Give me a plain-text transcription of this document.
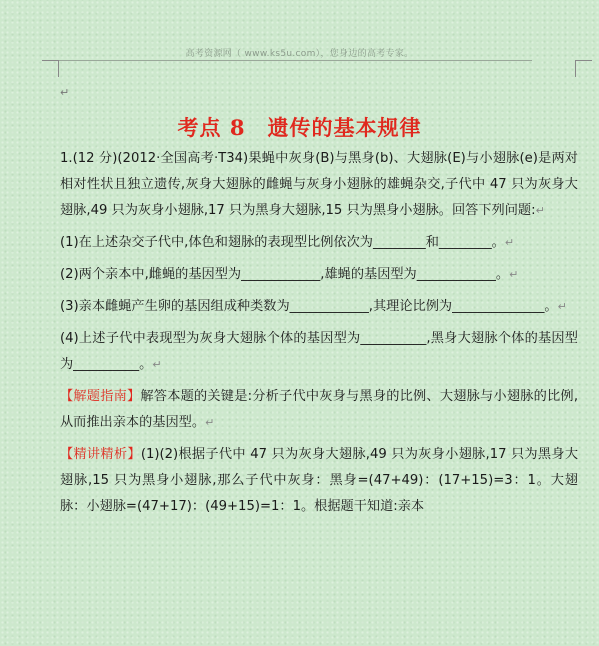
高考资源网（ www.ks5u.com），您身边的高考专家。
↵
考点 8　遗传的基本规律

1.(12 分)(2012·全国高考·T34)果蝇中灰身(B)与黑身(b)、大翅脉(E)与小翅脉(e)是两对相对性状且独立遗传,灰身大翅脉的雌蝇与灰身小翅脉的雄蝇杂交,子代中 47 只为灰身大翅脉,49 只为灰身小翅脉,17 只为黑身大翅脉,15 只为黑身小翅脉。回答下列问题:↵

(1)在上述杂交子代中,体色和翅脉的表现型比例依次为________和________。↵

(2)两个亲本中,雌蝇的基因型为____________,雄蝇的基因型为____________。↵

(3)亲本雌蝇产生卵的基因组成种类数为____________,其理论比例为______________。↵

(4)上述子代中表现型为灰身大翅脉个体的基因型为__________,黑身大翅脉个体的基因型为__________。↵

【解题指南】解答本题的关键是:分析子代中灰身与黑身的比例、大翅脉与小翅脉的比例,从而推出亲本的基因型。↵

【精讲精析】(1)(2)根据子代中 47 只为灰身大翅脉,49 只为灰身小翅脉,17 只为黑身大翅脉,15 只为黑身小翅脉,那么子代中灰身：黑身=(47+49)：(17+15)=3：1。大翅脉：小翅脉=(47+17)：(49+15)=1：1。根据题干知道:亲本
